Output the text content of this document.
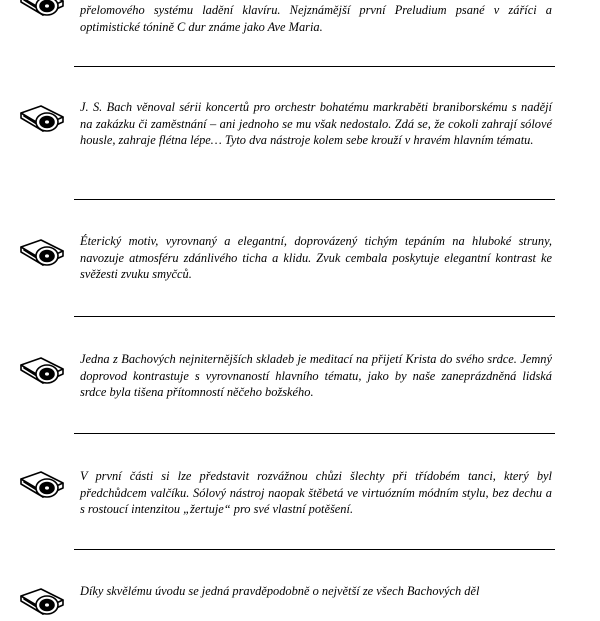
přelomového systému ladění klavíru. Nejznámější první Preludium psané v záříci a optimistické tónině C dur známe jako Ave Maria.

J. S. Bach věnoval sérii koncertů pro orchestr bohatému markraběti braniborskému s nadějí na zakázku či zaměstnání – ani jednoho se mu však nedostalo. Zdá se, že cokoli zahrají sólové housle, zahraje flétna lépe… Tyto dva nástroje kolem sebe krouží v hravém hlavním tématu.

Éterický motiv, vyrovnaný a elegantní, doprovázený tichým tepáním na hluboké struny, navozuje atmosféru zdánlivého ticha a klidu. Zvuk cembala poskytuje elegantní kontrast ke svěžesti zvuku smyčců.

Jedna z Bachových nejniternějších skladeb je meditací na přijetí Krista do svého srdce. Jemný doprovod kontrastuje s vyrovnaností hlavního tématu, jako by naše zaneprázdněná lidská srdce byla tišena přítomností něčeho božského.

V první části si lze představit rozvážnou chůzi šlechty při třídobém tanci, který byl předchůdcem valčíku. Sólový nástroj naopak štěbetá ve virtuózním módním stylu, bez dechu a s rostoucí intenzitou „žertuje“ pro své vlastní potěšení.

Díky skvělému úvodu se jedná pravděpodobně o největší ze všech Bachových děl
